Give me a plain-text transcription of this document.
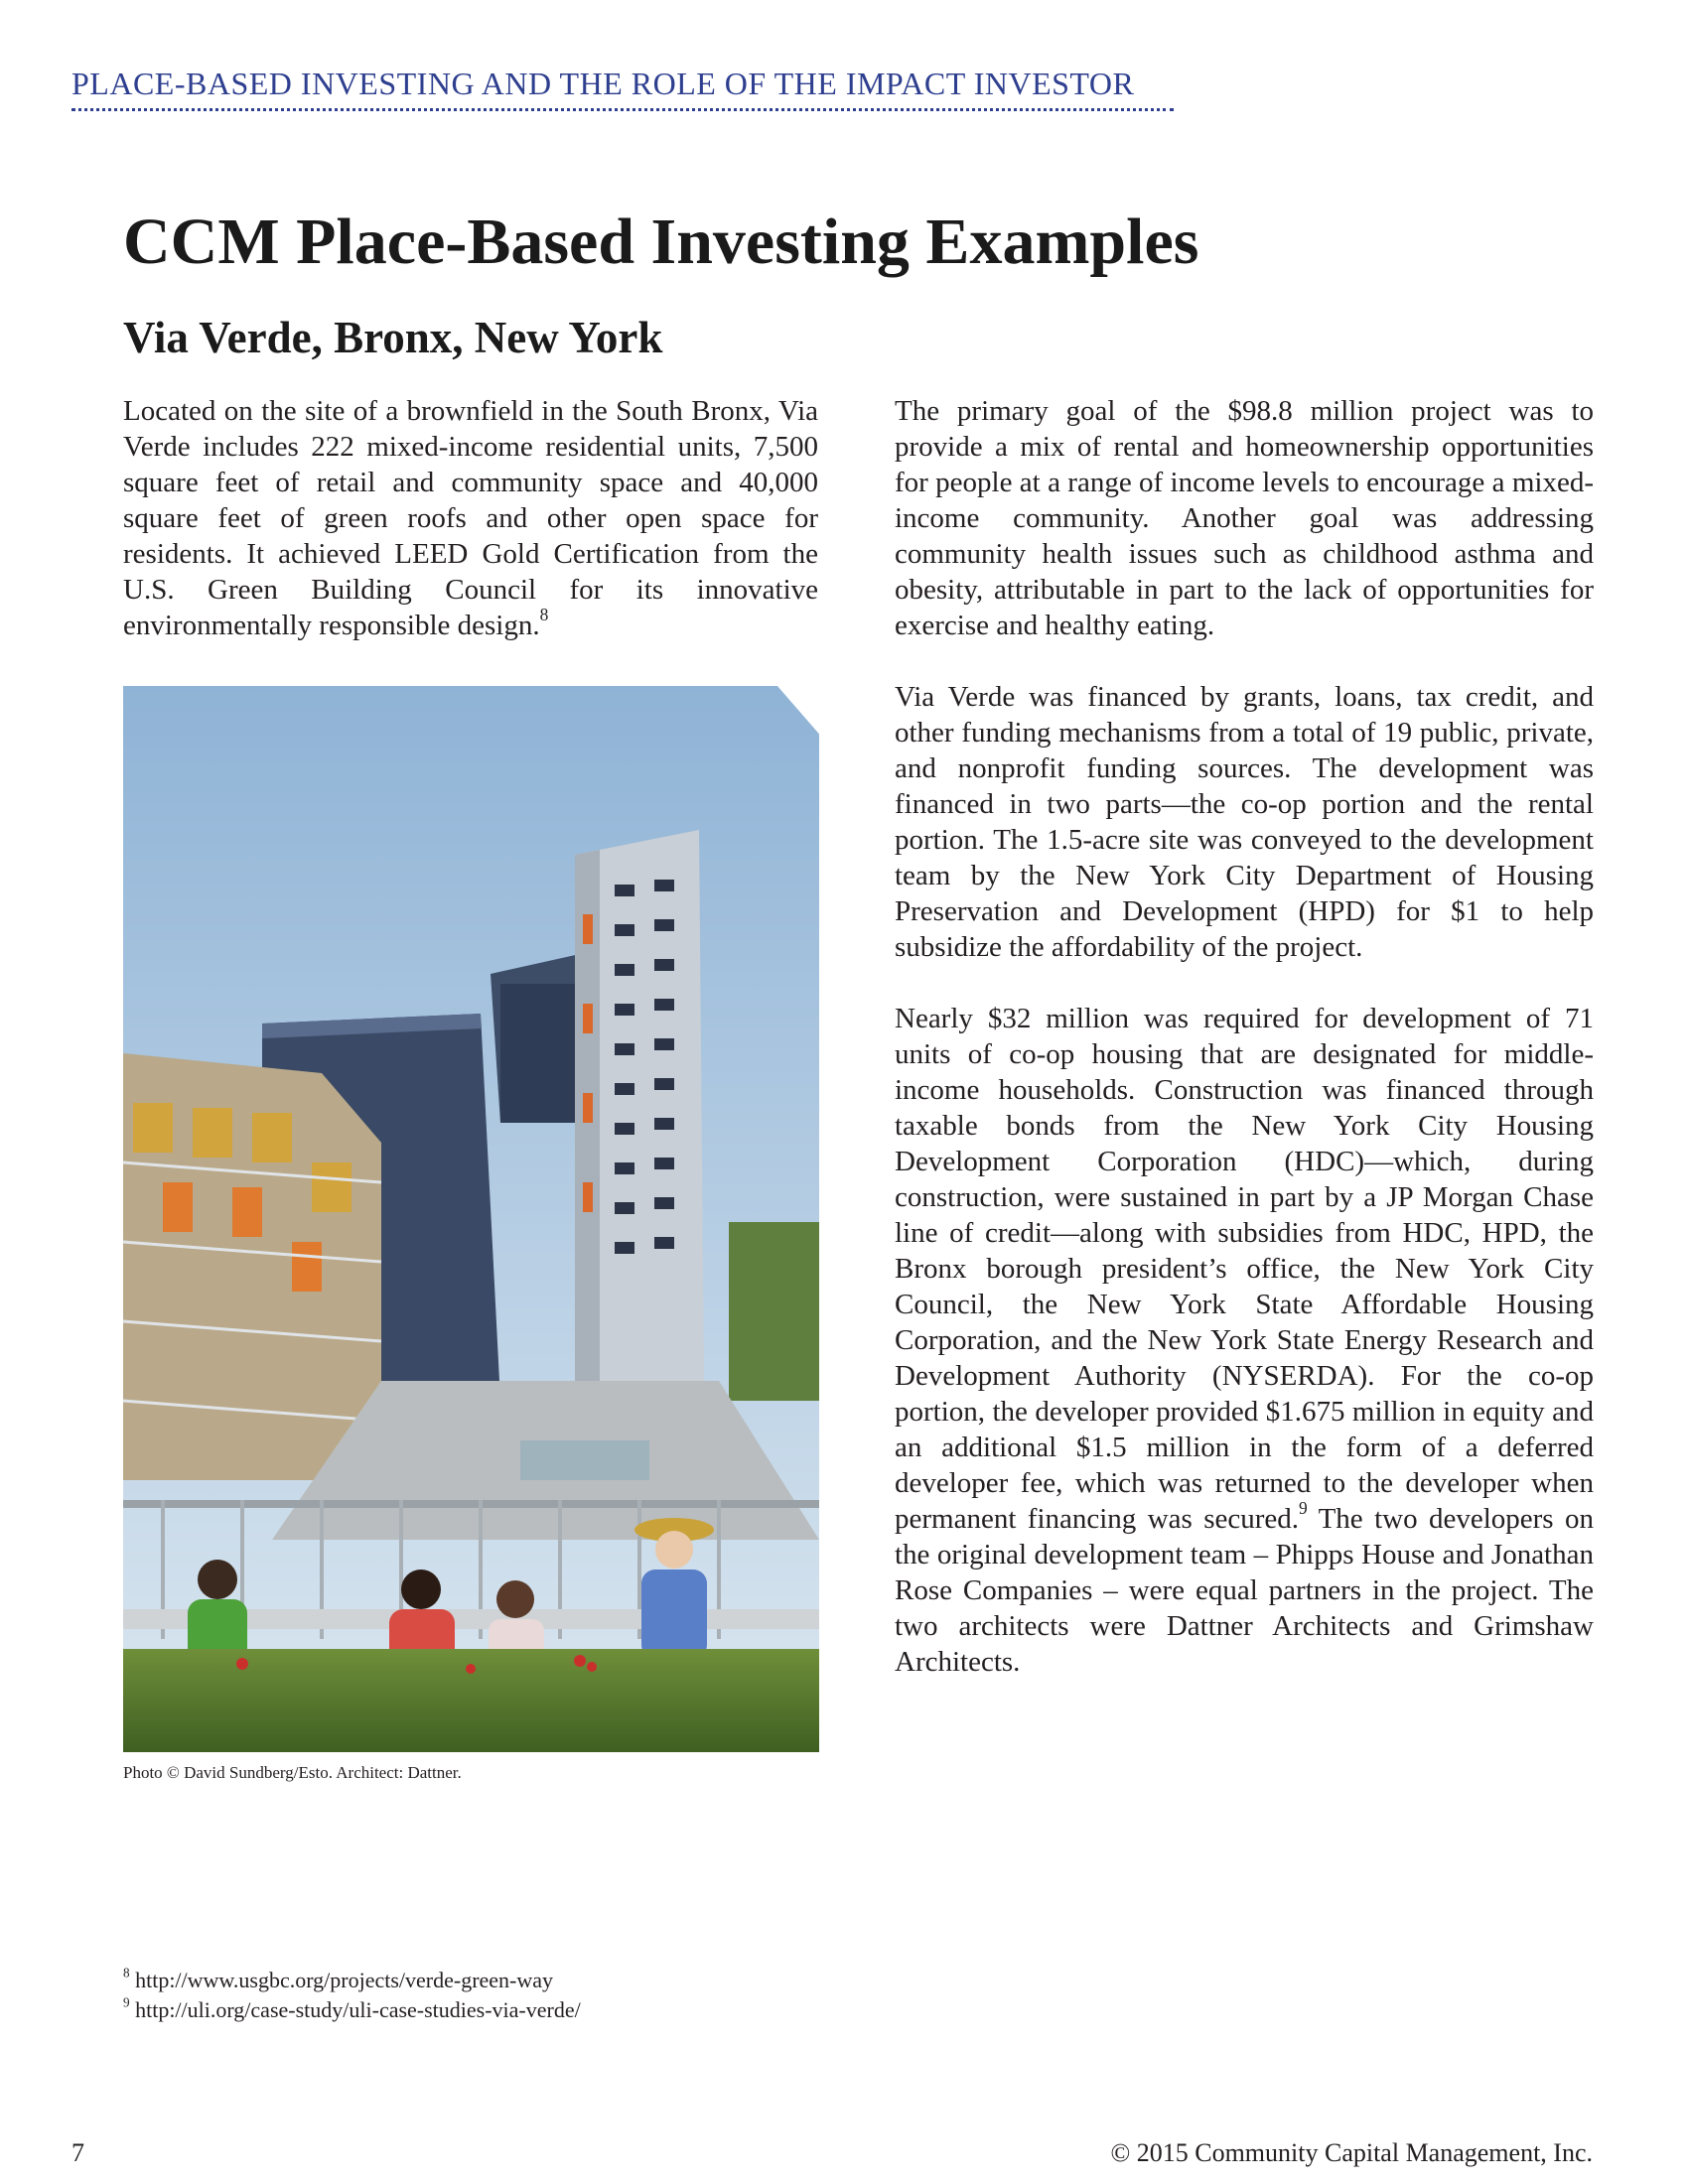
PLACE-BASED INVESTING AND THE ROLE OF THE IMPACT INVESTOR
CCM Place-Based Investing Examples
Via Verde, Bronx, New York

Located on the site of a brownfield in the South Bronx, Via Verde includes 222 mixed-income residential units, 7,500 square feet of retail and community space and 40,000 square feet of green roofs and other open space for residents. It achieved LEED Gold Certification from the U.S. Green Building Council for its innovative environmentally responsible design.$^8$

Photo © David Sundberg/Esto. Architect: Dattner.

The primary goal of the $98.8 million project was to provide a mix of rental and homeownership opportunities for people at a range of income levels to encourage a mixed-income community. Another goal was addressing community health issues such as childhood asthma and obesity, attributable in part to the lack of opportunities for exercise and healthy eating.

Via Verde was financed by grants, loans, tax credit, and other funding mechanisms from a total of 19 public, private, and nonprofit funding sources. The development was financed in two parts—the co-op portion and the rental portion. The 1.5-acre site was conveyed to the development team by the New York City Department of Housing Preservation and Development (HPD) for $1 to help subsidize the affordability of the project.

Nearly $32 million was required for development of 71 units of co-op housing that are designated for middle-income households. Construction was financed through taxable bonds from the New York City Housing Development Corporation (HDC)—which, during construction, were sustained in part by a JP Morgan Chase line of credit—along with subsidies from HDC, HPD, the Bronx borough president’s office, the New York City Council, the New York State Affordable Housing Corporation, and the New York State Energy Research and Development Authority (NYSERDA). For the co-op portion, the developer provided $1.675 million in equity and an additional $1.5 million in the form of a deferred developer fee, which was returned to the developer when permanent financing was secured.$^9$ The two developers on the original development team – Phipps House and Jonathan Rose Companies – were equal partners in the project. The two architects were Dattner Architects and Grimshaw Architects.

$^8$ http://www.usgbc.org/projects/verde-green-way
$^9$ http://uli.org/case-study/uli-case-studies-via-verde/
7	© 2015 Community Capital Management, Inc.
